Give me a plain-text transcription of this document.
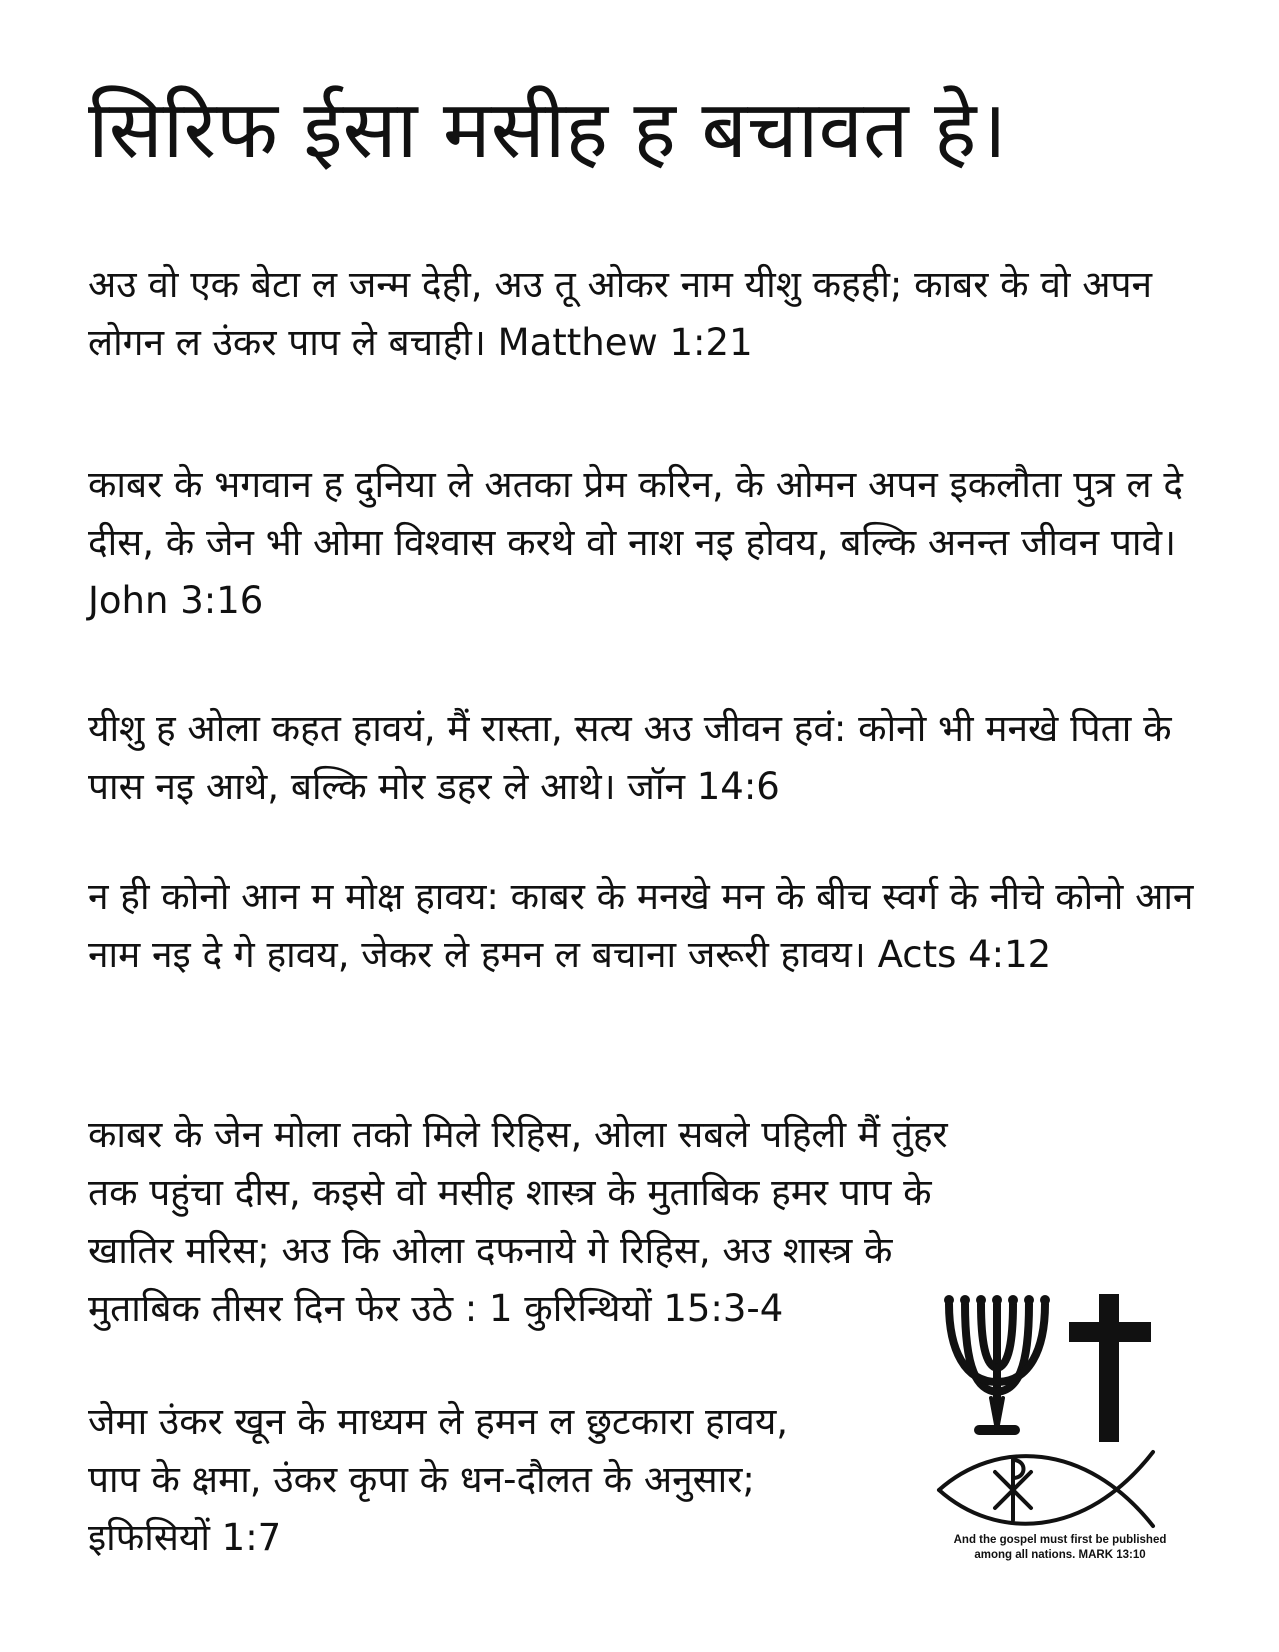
सिरिफ ईसा मसीह ह बचावत हे।

अउ वो एक बेटा ल जन्म देही, अउ तू ओकर नाम यीशु कहही; काबर के वो अपन लोगन ल उंकर पाप ले बचाही। Matthew 1:21

काबर के भगवान ह दुनिया ले अतका प्रेम करिन, के ओमन अपन इकलौता पुत्र ल दे दीस, के जेन भी ओमा विश्वास करथे वो नाश नइ होवय, बल्कि अनन्त जीवन पावे। John 3:16

यीशु ह ओला कहत हावयं, मैं रास्ता, सत्य अउ जीवन हवं: कोनो भी मनखे पिता के पास नइ आथे, बल्कि मोर डहर ले आथे। जॉन 14:6

न ही कोनो आन म मोक्ष हावय: काबर के मनखे मन के बीच स्वर्ग के नीचे कोनो आन नाम नइ दे गे हावय, जेकर ले हमन ल बचाना जरूरी हावय। Acts 4:12

काबर के जेन मोला तको मिले रिहिस, ओला सबले पहिली मैं तुंहर तक पहुंचा दीस, कइसे वो मसीह शास्त्र के मुताबिक हमर पाप के खातिर मरिस; अउ कि ओला दफनाये गे रिहिस, अउ शास्त्र के मुताबिक तीसर दिन फेर उठे : 1 कुरिन्थियों 15:3-4

जेमा उंकर खून के माध्यम ले हमन ल छुटकारा हावय, पाप के क्षमा, उंकर कृपा के धन-दौलत के अनुसार; इफिसियों 1:7	And the gospel must first be published
among all nations. MARK 13:10
